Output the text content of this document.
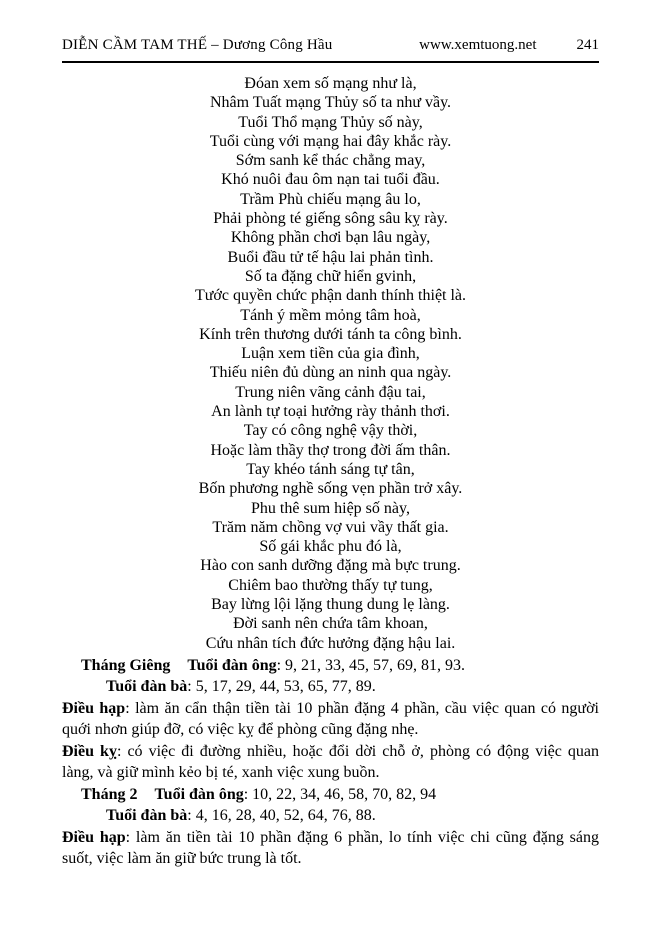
DIỄN CẦM TAM THẾ – Dương Công Hầu	www.xemtuong.net	241
Đóan xem số mạng như là,
Nhâm Tuất mạng Thủy số ta như vầy.
Tuổi Thổ mạng Thủy số này,
Tuổi cùng với mạng hai đây khắc rày.
Sớm sanh kể thác chẳng may,
Khó nuôi đau ôm nạn tai tuổi đầu.
Trầm Phù chiếu mạng âu lo,
Phải phòng té giếng sông sâu kỵ rày.
Không phần chơi bạn lâu ngày,
Buổi đầu tử tế hậu lai phản tình.
Số ta đặng chữ hiển gvinh,
Tước quyền chức phận danh thính thiệt là.
Tánh ý mềm mỏng tâm hoà,
Kính trên thương dưới tánh ta công bình.
Luận xem tiền của gia đình,
Thiếu niên đủ dùng an ninh qua ngày.
Trung niên vãng cảnh đậu tai,
An lành tự toại hưởng rày thảnh thơi.
Tay có công nghệ vậy thời,
Hoặc làm thầy thợ trong đời ấm thân.
Tay khéo tánh sáng tự tân,
Bốn phương nghề sống vẹn phần trở xây.
Phu thê sum hiệp số này,
Trăm năm chồng vợ vui vầy thất gia.
Số gái khắc phu đó là,
Hào con sanh dưỡng đặng mà bực trung.
Chiêm bao thường thấy tự tung,
Bay lừng lội lặng thung dung lẹ làng.
Đời sanh nên chứa tâm khoan,
Cứu nhân tích đức hưởng đặng hậu lai.
Tháng Giêng Tuổi đàn ông: 9, 21, 33, 45, 57, 69, 81, 93.
Tuổi đàn bà: 5, 17, 29, 44, 53, 65, 77, 89.
Điều hạp: làm ăn cẩn thận tiền tài 10 phần đặng 4 phần, cầu việc quan có người quới nhơn giúp đỡ, có việc kỵ để phòng cũng đặng nhẹ.
Điều kỵ: có việc đi đường nhiều, hoặc đổi dời chỗ ở, phòng có động việc quan làng, và giữ mình kẻo bị té, xanh việc xung buồn.
Tháng 2 Tuổi đàn ông: 10, 22, 34, 46, 58, 70, 82, 94
Tuổi đàn bà: 4, 16, 28, 40, 52, 64, 76, 88.
Điều hạp: làm ăn tiền tài 10 phần đặng 6 phần, lo tính việc chi cũng đặng sáng suốt, việc làm ăn giữ bức trung là tốt.
